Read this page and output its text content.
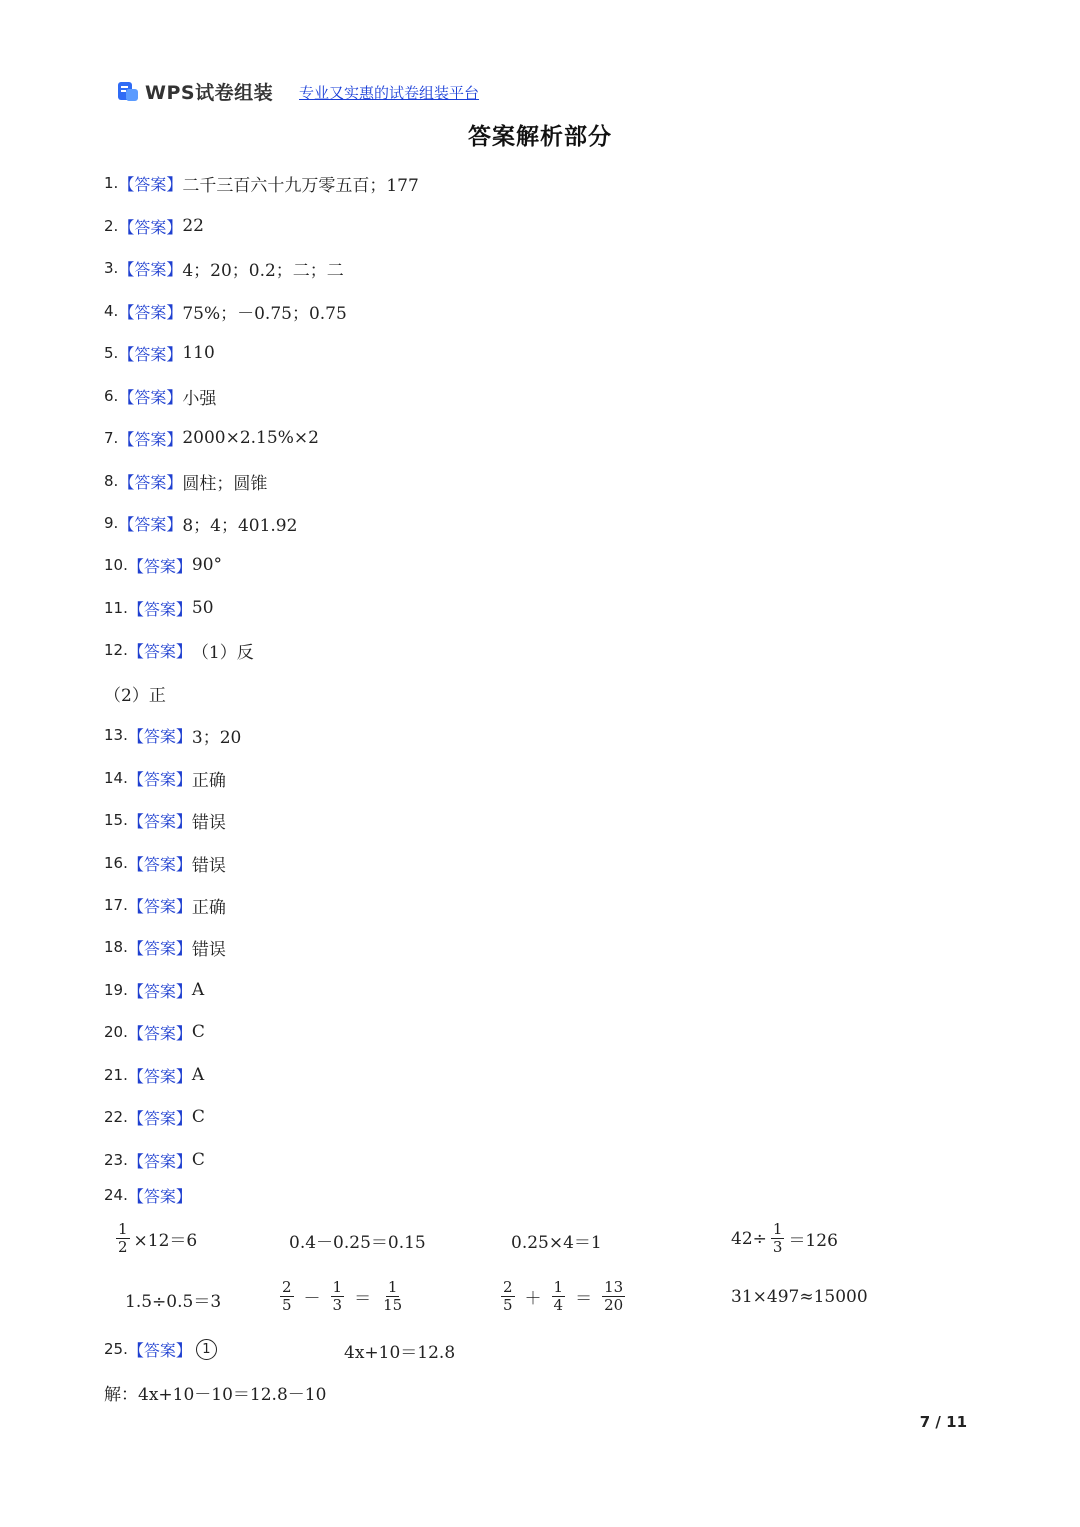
WPS试卷组装 专业又实惠的试卷组装平台
答案解析部分
1. 【答案】 二千三百六十九万零五百；177
2. 【答案】 22
3. 【答案】 4；20；0.2；二；二
4. 【答案】 75%；－0.75；0.75
5. 【答案】 110
6. 【答案】 小强
7. 【答案】 2000×2.15%×2
8. 【答案】 圆柱；圆锥
9. 【答案】 8；4；401.92
10. 【答案】 90°
11. 【答案】 50
12. 【答案】 （1）反
（2）正
13. 【答案】 3；20
14. 【答案】 正确
15. 【答案】 错误
16. 【答案】 错误
17. 【答案】 正确
18. 【答案】 错误
19. 【答案】 A
20. 【答案】 C
21. 【答案】 A
22. 【答案】 C
23. 【答案】 C
24. 【答案】
$\frac{1}{2} \times 12=6$	0.4－0.25＝0.15	0.25×4＝1	$42\div \frac{1}{3} =126$
1.5÷0.5＝3	$\frac{2}{5} - \frac{1}{3} = \frac{1}{15}$	$\frac{2}{5} + \frac{1}{4} = \frac{13}{20}$	31×497≈15000
25. 【答案】 1	4x+10＝12.8
解：4x+10－10＝12.8－10
7 / 11
